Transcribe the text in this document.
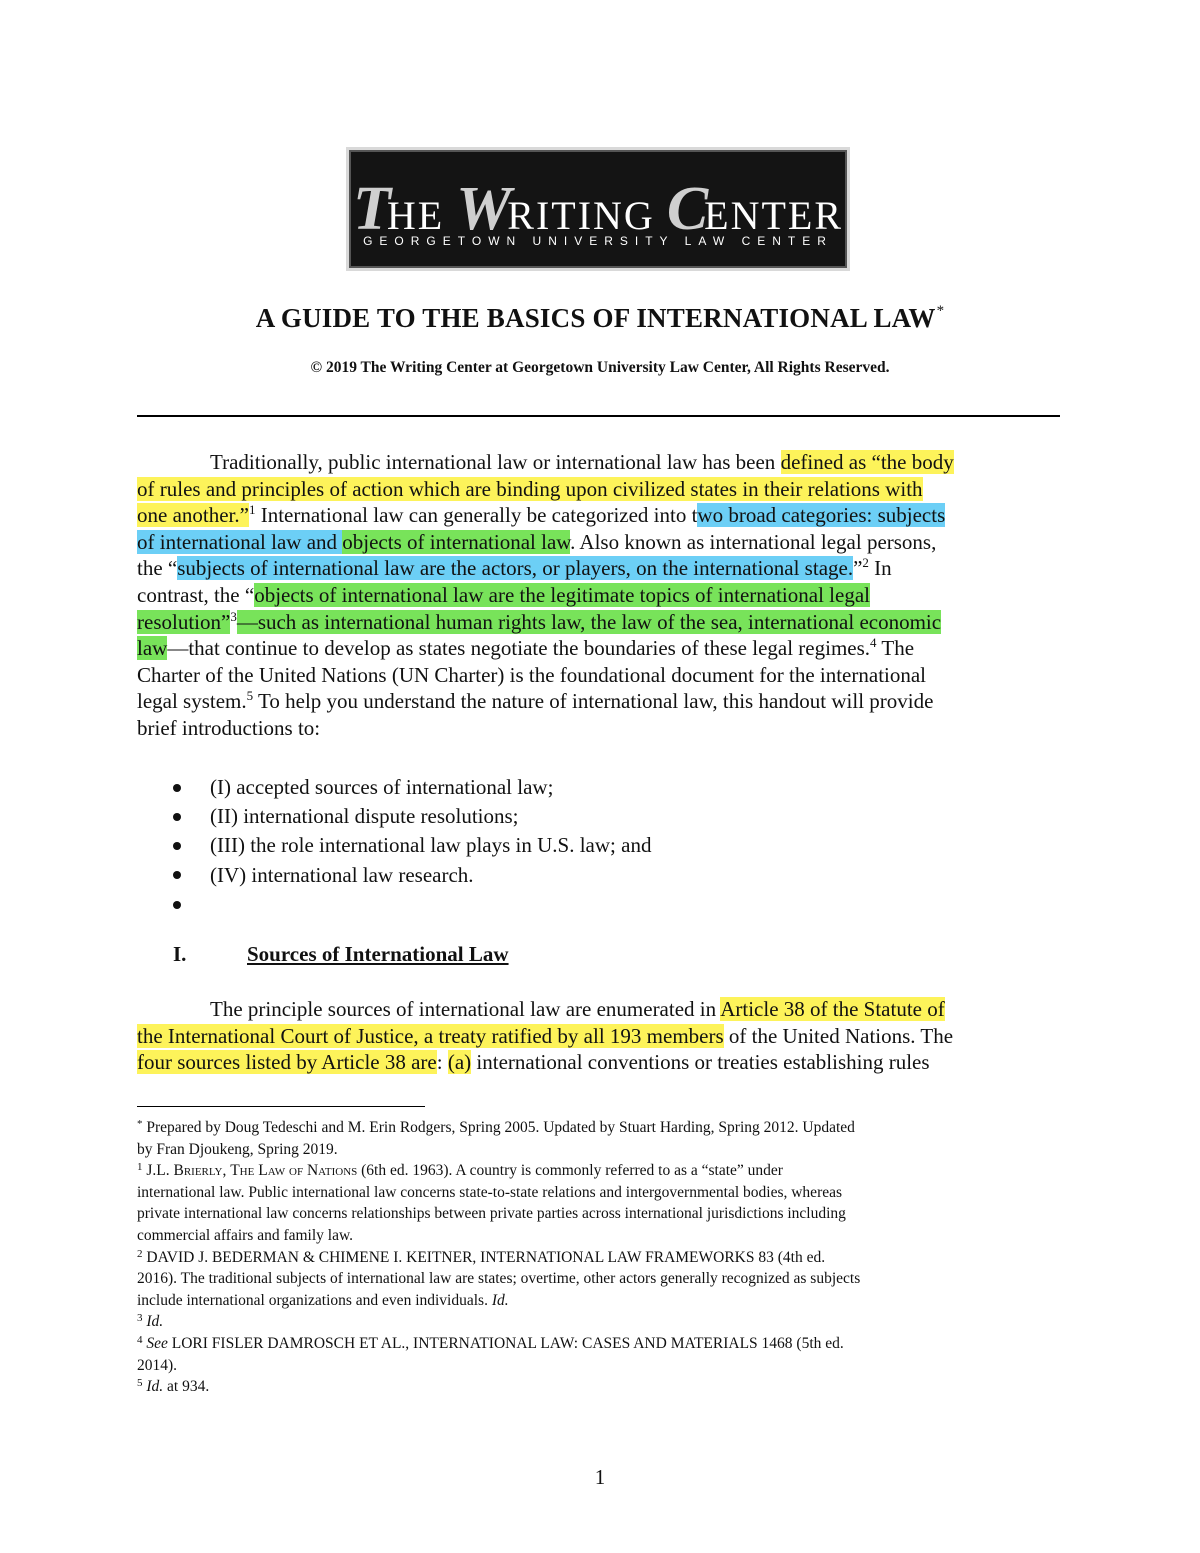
THE WRITING CENTER
GEORGETOWN UNIVERSITY LAW CENTER
A GUIDE TO THE BASICS OF INTERNATIONAL LAW*
© 2019 The Writing Center at Georgetown University Law Center, All Rights Reserved.
Traditionally, public international law or international law has been defined as “the body
of rules and principles of action which are binding upon civilized states in their relations with
one another.”$^1$ International law can generally be categorized into two broad categories: subjects
of international law and objects of international law. Also known as international legal persons,
the “subjects of international law are the actors, or players, on the international stage.”$^2$ In
contrast, the “objects of international law are the legitimate topics of international legal
resolution”$^3$—such as international human rights law, the law of the sea, international economic
law—that continue to develop as states negotiate the boundaries of these legal regimes.$^4$ The
Charter of the United Nations (UN Charter) is the foundational document for the international
legal system.$^5$ To help you understand the nature of international law, this handout will provide
brief introductions to:
(I) accepted sources of international law;
(II) international dispute resolutions;
(III) the role international law plays in U.S. law; and
(IV) international law research.
I.	Sources of International Law
The principle sources of international law are enumerated in Article 38 of the Statute of
the International Court of Justice, a treaty ratified by all 193 members of the United Nations. The
four sources listed by Article 38 are: (a) international conventions or treaties establishing rules
* Prepared by Doug Tedeschi and M. Erin Rodgers, Spring 2005. Updated by Stuart Harding, Spring 2012. Updated
by Fran Djoukeng, Spring 2019.
$^1$ J.L. Brierly, The Law of Nations (6th ed. 1963). A country is commonly referred to as a “state” under
international law. Public international law concerns state-to-state relations and intergovernmental bodies, whereas
private international law concerns relationships between private parties across international jurisdictions including
commercial affairs and family law.
$^2$ DAVID J. BEDERMAN & CHIMENE I. KEITNER, INTERNATIONAL LAW FRAMEWORKS 83 (4th ed.
2016). The traditional subjects of international law are states; overtime, other actors generally recognized as subjects
include international organizations and even individuals. Id.
$^3$ Id.
$^4$ See LORI FISLER DAMROSCH ET AL., INTERNATIONAL LAW: CASES AND MATERIALS 1468 (5th ed.
2014).
$^5$ Id. at 934.
1
